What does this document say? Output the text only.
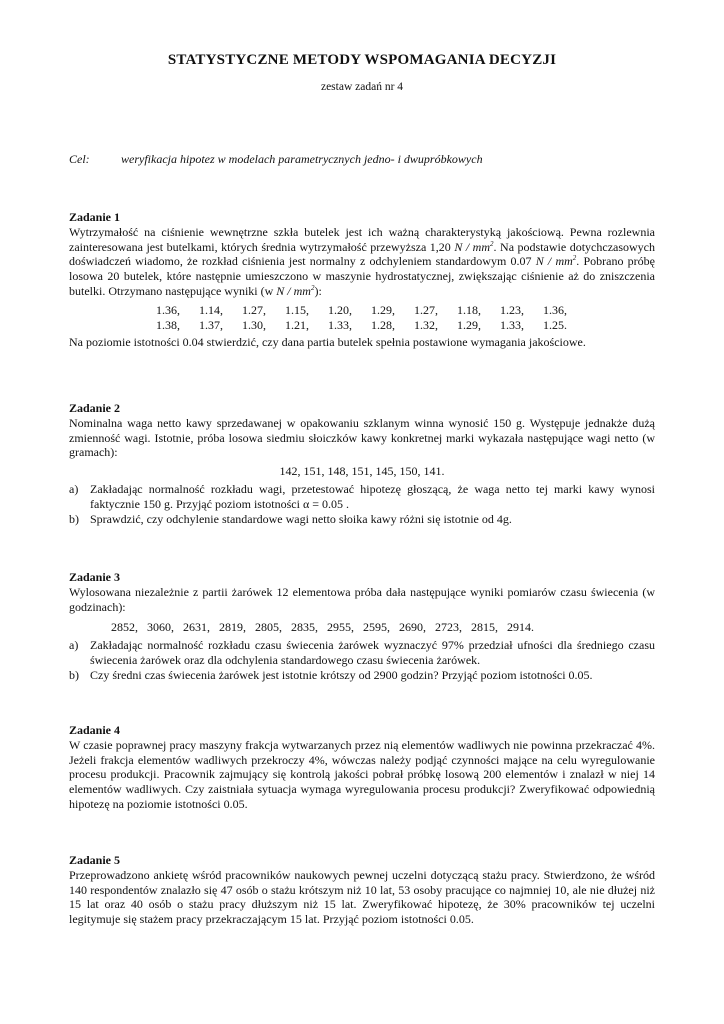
STATYSTYCZNE METODY WSPOMAGANIA DECYZJI
zestaw zadań nr 4
Cel:	weryfikacja hipotez w modelach parametrycznych jedno- i dwupróbkowych
Zadanie 1

Wytrzymałość na ciśnienie wewnętrzne szkła butelek jest ich ważną charakterystyką jakościową. Pewna rozlewnia zainteresowana jest butelkami, których średnia wytrzymałość przewyższa 1,20 N / $mm^2$. Na podstawie dotychczasowych doświadczeń wiadomo, że rozkład ciśnienia jest normalny z odchyleniem standardowym 0.07 N / $mm^2$. Pobrano próbę losowa 20 butelek, które następnie umieszczono w maszynie hydrostatycznej, zwiększając ciśnienie aż do zniszczenia butelki. Otrzymano następujące wyniki (w N / $mm^2$):

1.36,	1.14,	1.27,	1.15,	1.20,	1.29,	1.27,	1.18,	1.23,	1.36,
1.38,	1.37,	1.30,	1.21,	1.33,	1.28,	1.32,	1.29,	1.33,	1.25.

Na poziomie istotności 0.04 stwierdzić, czy dana partia butelek spełnia postawione wymagania jakościowe.

Zadanie 2

Nominalna waga netto kawy sprzedawanej w opakowaniu szklanym winna wynosić 150 g. Występuje jednakże dużą zmienność wagi. Istotnie, próba losowa siedmiu słoiczków kawy konkretnej marki wykazała następujące wagi netto (w gramach):

142, 151, 148, 151, 145, 150, 141.
a) Zakładając normalność rozkładu wagi, przetestować hipotezę głoszącą, że waga netto tej marki kawy wynosi faktycznie 150 g. Przyjąć poziom istotności α = 0.05 .
b) Sprawdzić, czy odchylenie standardowe wagi netto słoika kawy różni się istotnie od 4g.
Zadanie 3

Wylosowana niezależnie z partii żarówek 12 elementowa próba dała następujące wyniki pomiarów czasu świecenia (w godzinach):

2852,   3060,   2631,   2819,   2805,   2835,   2955,   2595,   2690,   2723,   2815,   2914.
a) Zakładając normalność rozkładu czasu świecenia żarówek wyznaczyć 97% przedział ufności dla średniego czasu świecenia żarówek oraz dla odchylenia standardowego czasu świecenia żarówek.
b) Czy średni czas świecenia żarówek jest istotnie krótszy od 2900 godzin? Przyjąć poziom istotności 0.05.
Zadanie 4

W czasie poprawnej pracy maszyny frakcja wytwarzanych przez nią elementów wadliwych nie powinna przekraczać 4%. Jeżeli frakcja elementów wadliwych przekroczy 4%, wówczas należy podjąć czynności mające na celu wyregulowanie procesu produkcji. Pracownik zajmujący się kontrolą jakości pobrał próbkę losową 200 elementów i znalazł w niej 14 elementów wadliwych. Czy zaistniała sytuacja wymaga wyregulowania procesu produkcji? Zweryfikować odpowiednią hipotezę na poziomie istotności 0.05.

Zadanie 5

Przeprowadzono ankietę wśród pracowników naukowych pewnej uczelni dotyczącą stażu pracy. Stwierdzono, że wśród 140 respondentów znalazło się 47 osób o stażu krótszym niż 10 lat, 53 osoby pracujące co najmniej 10, ale nie dłużej niż 15 lat oraz 40 osób o stażu pracy dłuższym niż 15 lat. Zweryfikować hipotezę, że 30% pracowników tej uczelni legitymuje się stażem pracy przekraczającym 15 lat. Przyjąć poziom istotności 0.05.
